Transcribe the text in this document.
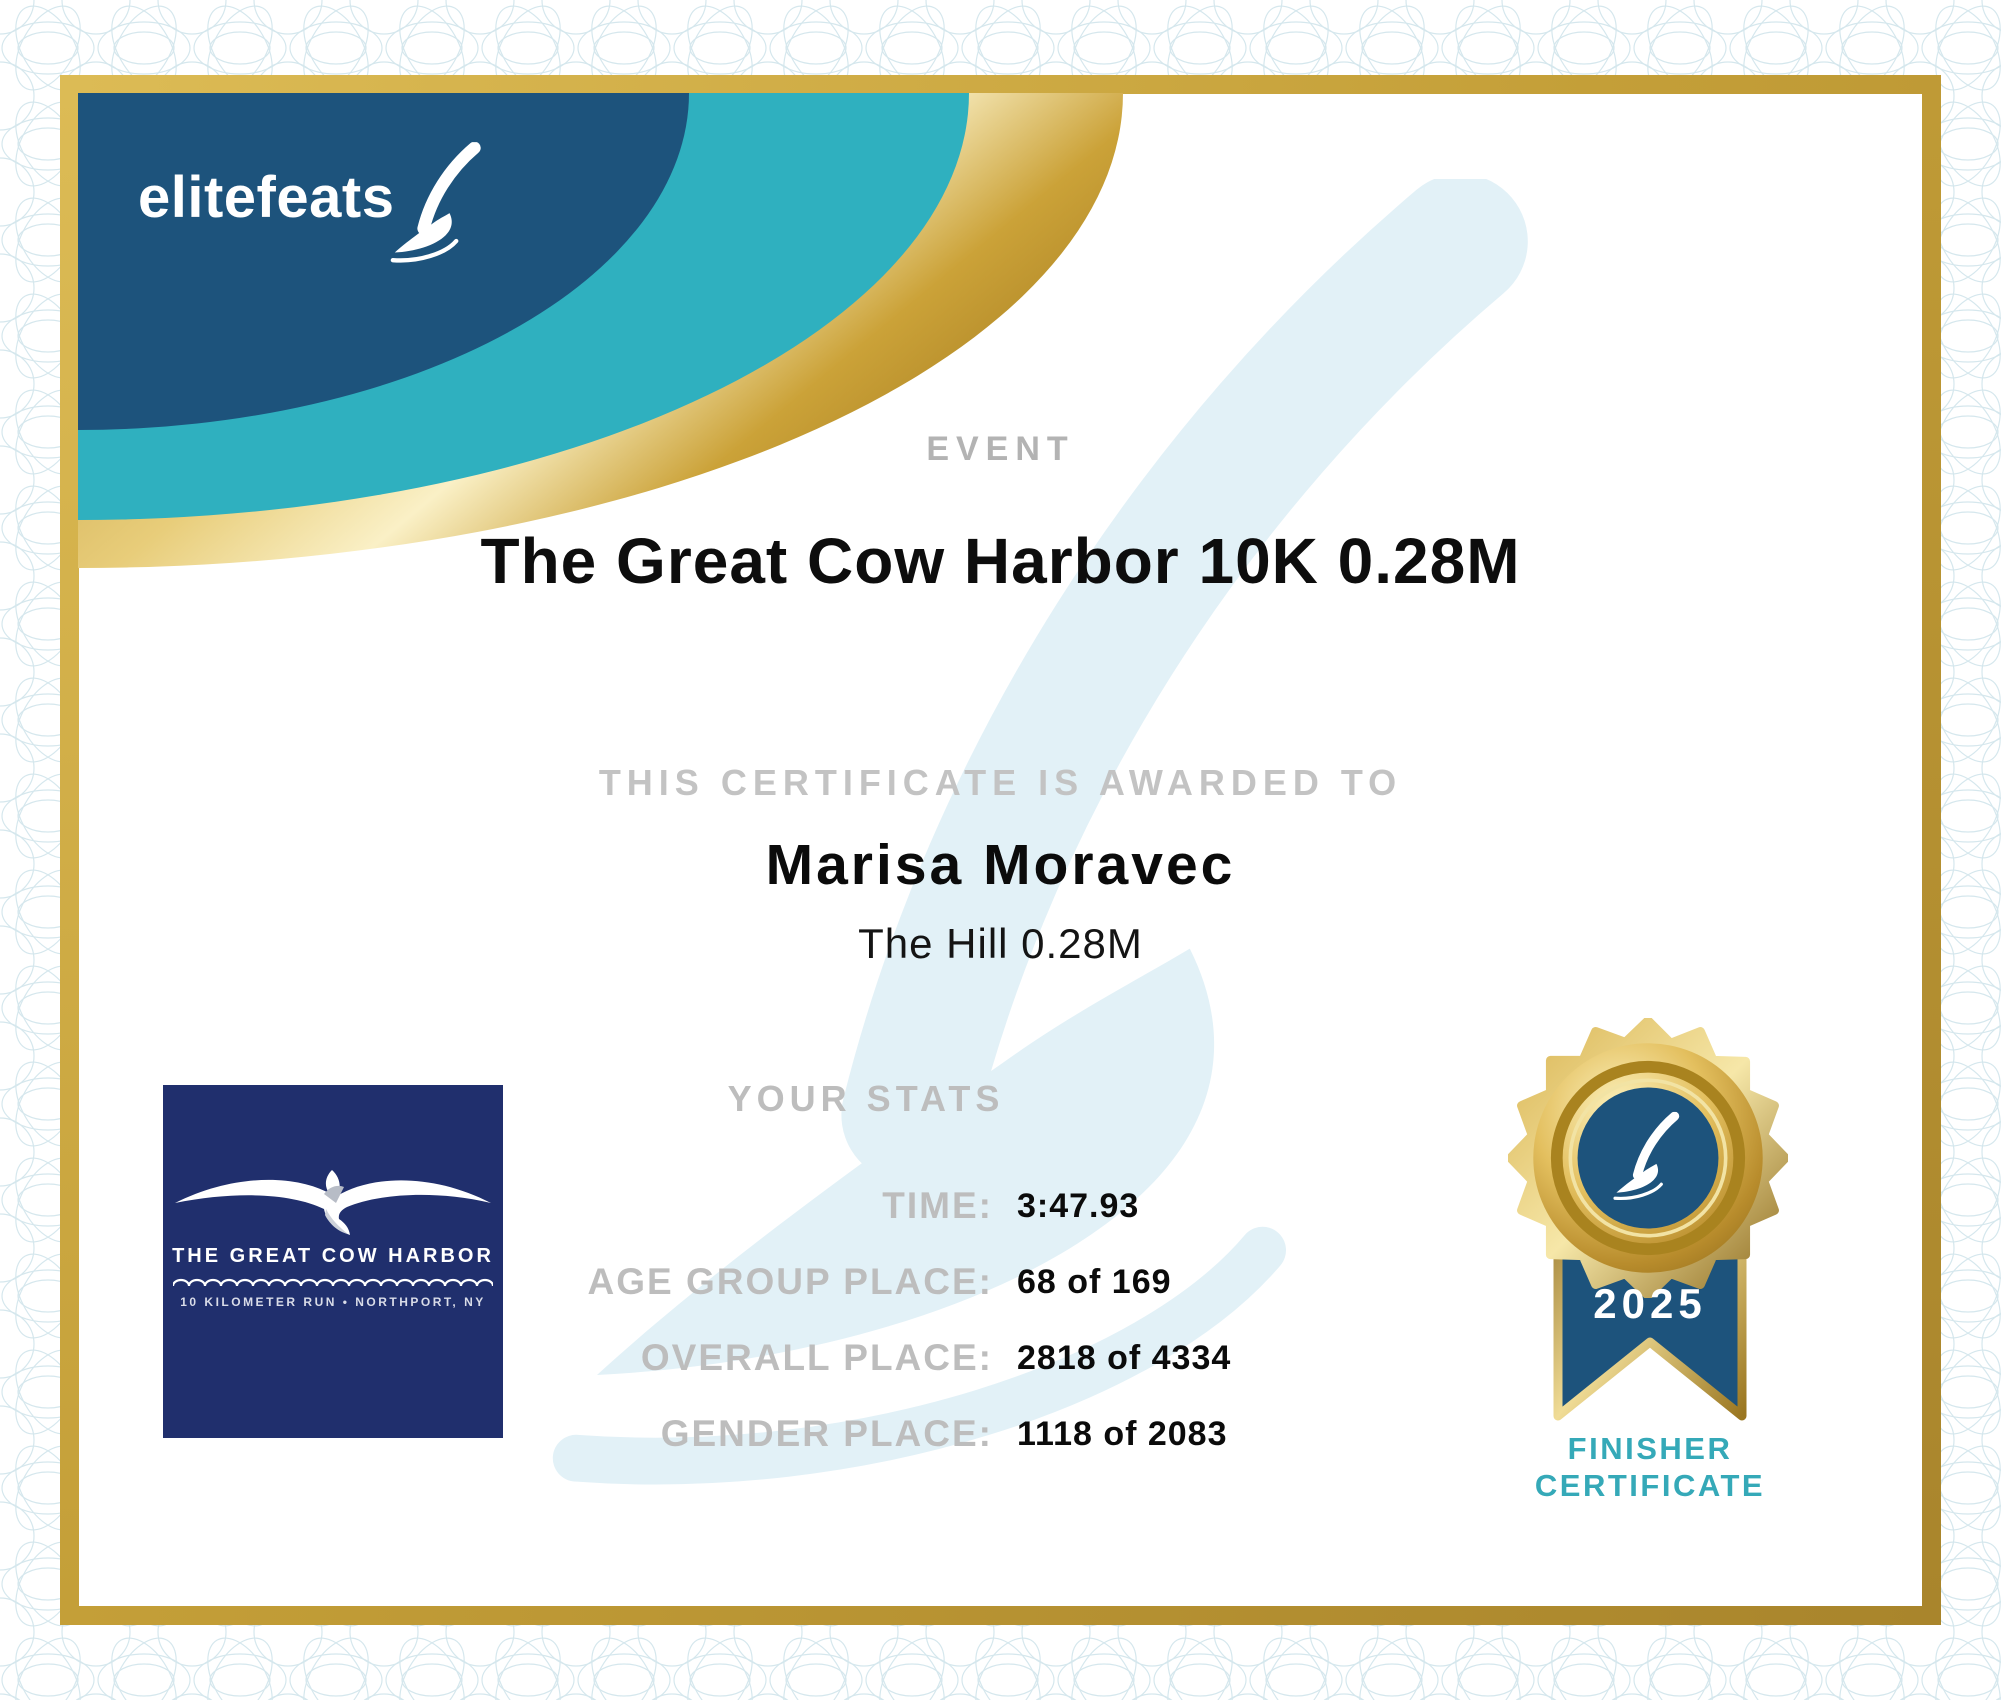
elitefeats
EVENT
The Great Cow Harbor 10K 0.28M
THIS CERTIFICATE IS AWARDED TO
Marisa Moravec
The Hill 0.28M
YOUR STATS
TIME: 3:47.93
AGE GROUP PLACE: 68 of 169
OVERALL PLACE: 2818 of 4334
GENDER PLACE: 1118 of 2083
THE GREAT COW HARBOR
10 KILOMETER RUN • NORTHPORT, NY	2025
FINISHER
CERTIFICATE
